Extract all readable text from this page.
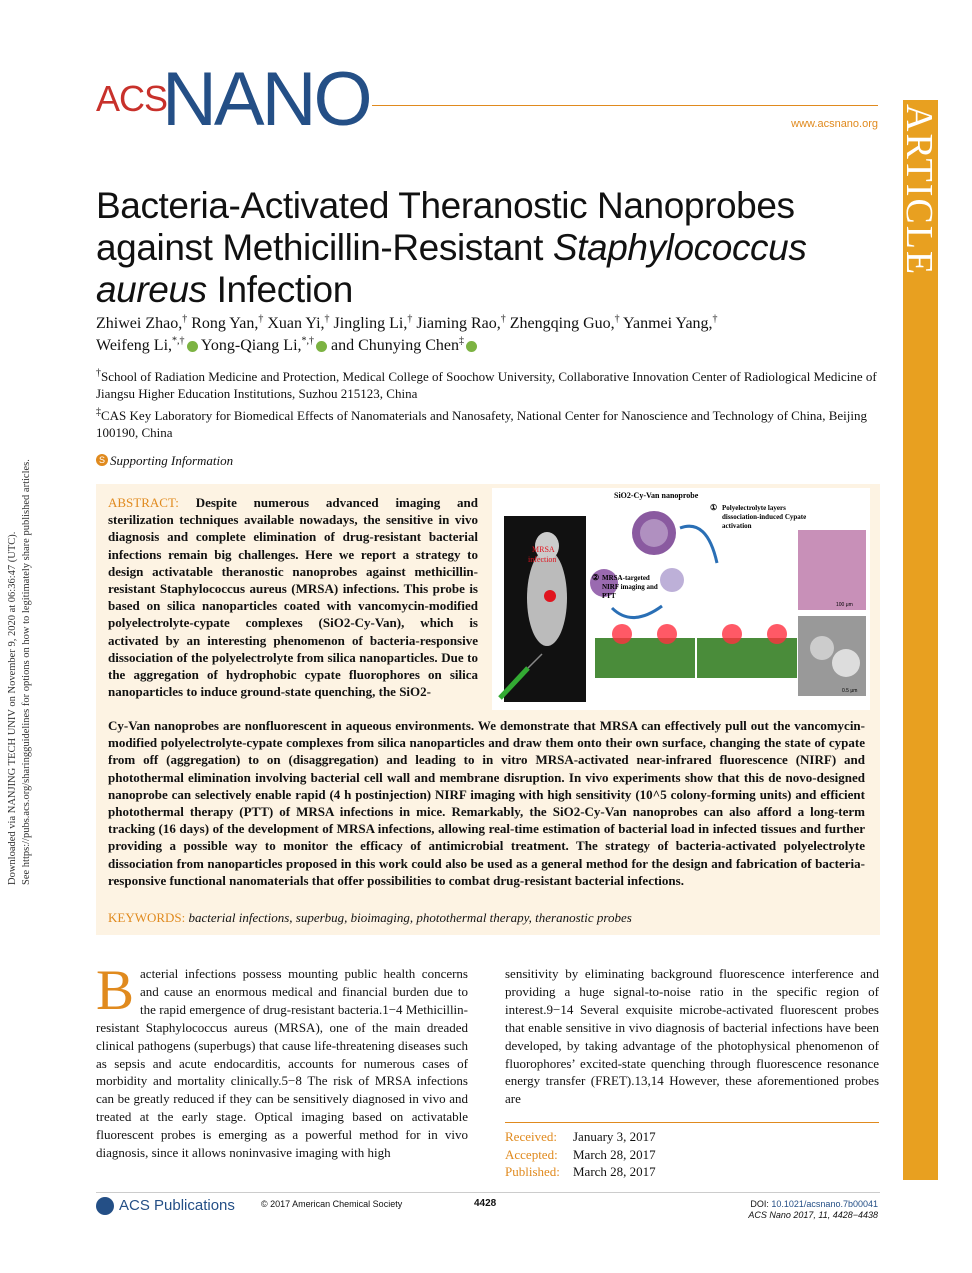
ACS
NANO	www.acsnano.org ARTICLE
Downloaded via NANJING TECH UNIV on November 9, 2020 at 06:36:47 (UTC). See https://pubs.acs.org/sharingguidelines for options on how to legitimately share published articles.
Bacteria-Activated Theranostic Nanoprobes against Methicillin-Resistant Staphylococcus aureus Infection
Zhiwei Zhao,† Rong Yan,† Xuan Yi,† Jingling Li,† Jiaming Rao,† Zhengqing Guo,† Yanmei Yang,†
Weifeng Li,*,† Yong-Qiang Li,*,† and Chunying Chen‡
†School of Radiation Medicine and Protection, Medical College of Soochow University, Collaborative Innovation Center of Radiological Medicine of Jiangsu Higher Education Institutions, Suzhou 215123, China
‡CAS Key Laboratory for Biomedical Effects of Nanomaterials and Nanosafety, National Center for Nanoscience and Technology of China, Beijing 100190, China
S Supporting Information
ABSTRACT: Despite numerous advanced imaging and sterilization techniques available nowadays, the sensitive in vivo diagnosis and complete elimination of drug-resistant bacterial infections remain big challenges. Here we report a strategy to design activatable theranostic nanoprobes against methicillin-resistant Staphylococcus aureus (MRSA) infections. This probe is based on silica nanoparticles coated with vancomycin-modified polyelectrolyte-cypate complexes (SiO2-Cy-Van), which is activated by an interesting phenomenon of bacteria-responsive dissociation of the polyelectrolyte from silica nanoparticles. Due to the aggregation of hydrophobic cypate fluorophores on silica nanoparticles to induce ground-state quenching, the SiO2-
MRSA
infection
SiO2-Cy-Van nanoprobe
① Polyelectrolyte layers dissociation-induced Cypate activation
② MRSA-targeted NIRF imaging and PTT
100 μm
0.5 μm
Cy-Van nanoprobes are nonfluorescent in aqueous environments. We demonstrate that MRSA can effectively pull out the vancomycin-modified polyelectrolyte-cypate complexes from silica nanoparticles and draw them onto their own surface, changing the state of cypate from off (aggregation) to on (disaggregation) and leading to in vitro MRSA-activated near-infrared fluorescence (NIRF) and photothermal elimination involving bacterial cell wall and membrane disruption. In vivo experiments show that this de novo-designed nanoprobe can selectively enable rapid (4 h postinjection) NIRF imaging with high sensitivity (10^5 colony-forming units) and efficient photothermal therapy (PTT) of MRSA infections in mice. Remarkably, the SiO2-Cy-Van nanoprobes can also afford a long-term tracking (16 days) of the development of MRSA infections, allowing real-time estimation of bacterial load in infected tissues and further providing a possible way to monitor the efficacy of antimicrobial treatment. The strategy of bacteria-activated polyelectrolyte dissociation from nanoparticles proposed in this work could also be used as a general method for the design and fabrication of bacteria-responsive functional nanomaterials that offer possibilities to combat drug-resistant bacterial infections.
KEYWORDS: bacterial infections, superbug, bioimaging, photothermal therapy, theranostic probes
Bacterial infections possess mounting public health concerns and cause an enormous medical and financial burden due to the rapid emergence of drug-resistant bacteria.1−4 Methicillin-resistant Staphylococcus aureus (MRSA), one of the main dreaded clinical pathogens (superbugs) that cause life-threatening diseases such as sepsis and acute endocarditis, accounts for numerous cases of morbidity and mortality clinically.5−8 The risk of MRSA infections can be greatly reduced if they can be sensitively diagnosed in vivo and treated at the early stage. Optical imaging based on activatable fluorescent probes is emerging as a powerful method for in vivo diagnosis, since it allows noninvasive imaging with high
sensitivity by eliminating background fluorescence interference and providing a huge signal-to-noise ratio in the specific region of interest.9−14 Several exquisite microbe-activated fluorescent probes that enable sensitive in vivo diagnosis of bacterial infections have been developed, by taking advantage of the photophysical phenomenon of fluorophores’ excited-state quenching through fluorescence resonance energy transfer (FRET).13,14 However, these aforementioned probes are
Received: January 3, 2017
Accepted: March 28, 2017
Published: March 28, 2017
ACS Publications	© 2017 American Chemical Society	4428	DOI: 10.1021/acsnano.7b00041
ACS Nano 2017, 11, 4428−4438
